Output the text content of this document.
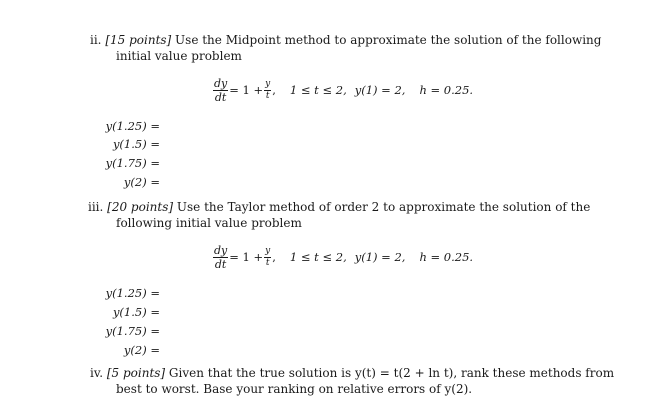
ii. [15 points] Use the Midpoint method to approximate the solution of the following
initial value problem
$\frac{dy}{dt} = 1 + \frac{y}{t}$ , 1 ≤ t ≤ 2, y(1) = 2, h = 0.25.
y(1.25) =
y(1.5) =
y(1.75) =
y(2) =
iii. [20 points] Use the Taylor method of order 2 to approximate the solution of the
following initial value problem
$\frac{dy}{dt} = 1 + \frac{y}{t}$ , 1 ≤ t ≤ 2, y(1) = 2, h = 0.25.
y(1.25) =
y(1.5) =
y(1.75) =
y(2) =
iv. [5 points] Given that the true solution is y(t) = t(2 + ln t), rank these methods from
best to worst. Base your ranking on relative errors of y(2).
